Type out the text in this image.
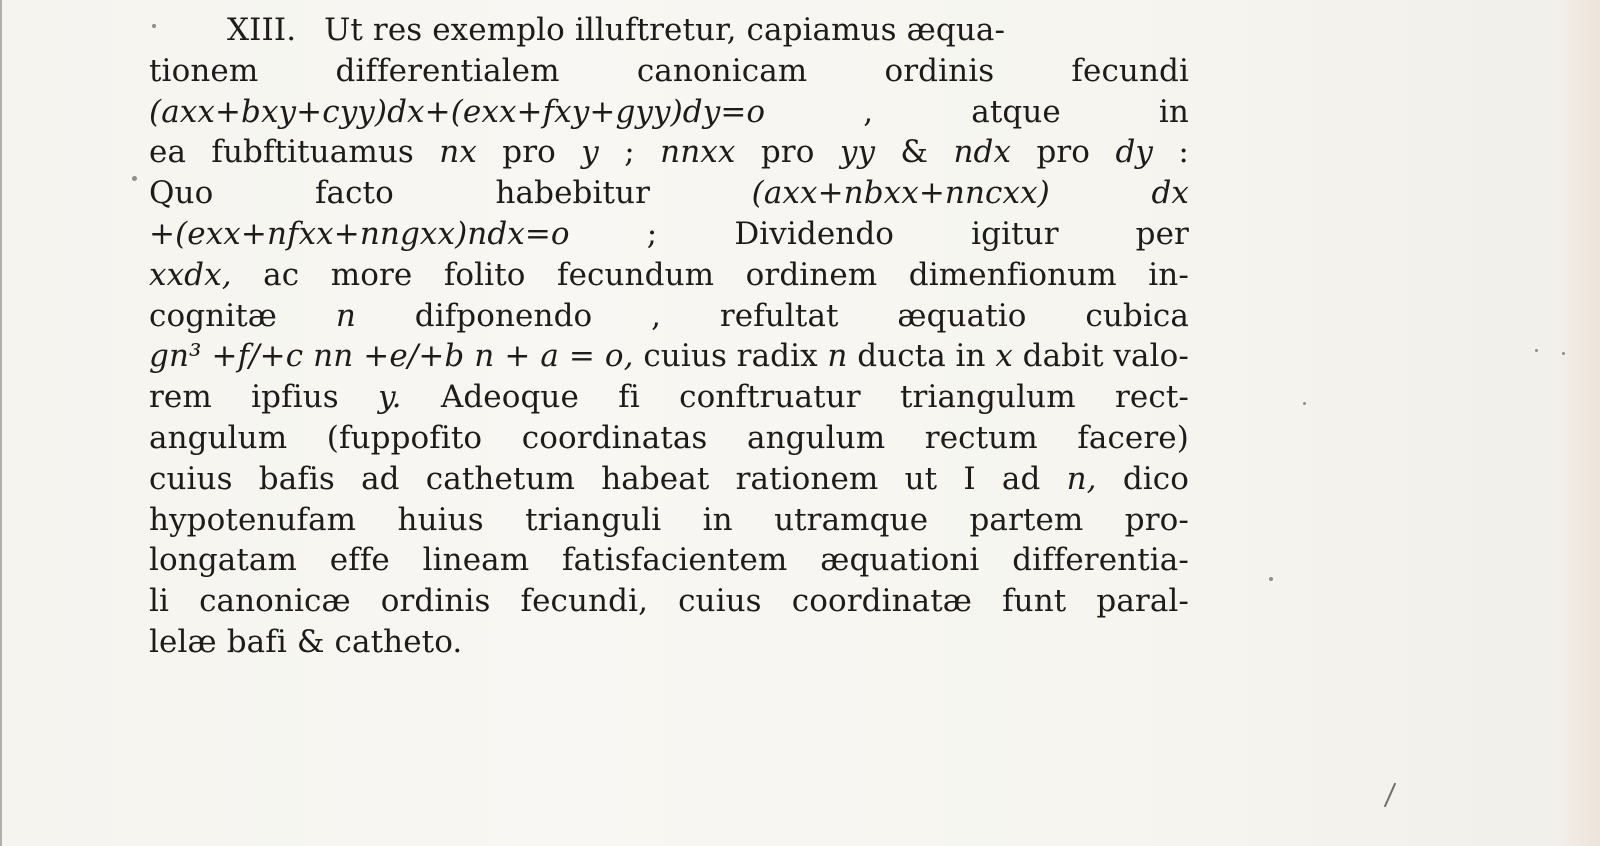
XIII. Ut res exemplo illuftretur, capiamus æqua-
tionem differentialem canonicam ordinis fecundi
(axx+bxy+cyy)dx+(exx+fxy+gyy)dy=o	,	atque	in
ea fubftituamus nx pro y ; nnxx pro yy & ndx pro dy :
Quo	facto	habebitur	(axx+nbxx+nncxx)	dx
+(exx+nfxx+nngxx)ndx=o ; Dividendo igitur per
xxdx, ac more folito fecundum ordinem dimenfionum in-
cognitæ n difponendo , refultat æquatio cubica
gn³ +f/+c nn +e/+b n + a = o, cuius radix n ducta in x dabit valo-
rem ipfius y. Adeoque fi conftruatur triangulum rect-
angulum (fuppofito coordinatas angulum rectum facere)
cuius bafis ad cathetum habeat rationem ut I ad n, dico
hypotenufam huius trianguli in utramque partem pro-
longatam effe lineam fatisfacientem æquationi differentia-
li canonicæ ordinis fecundi, cuius coordinatæ funt paral-
lelæ bafi & catheto.
